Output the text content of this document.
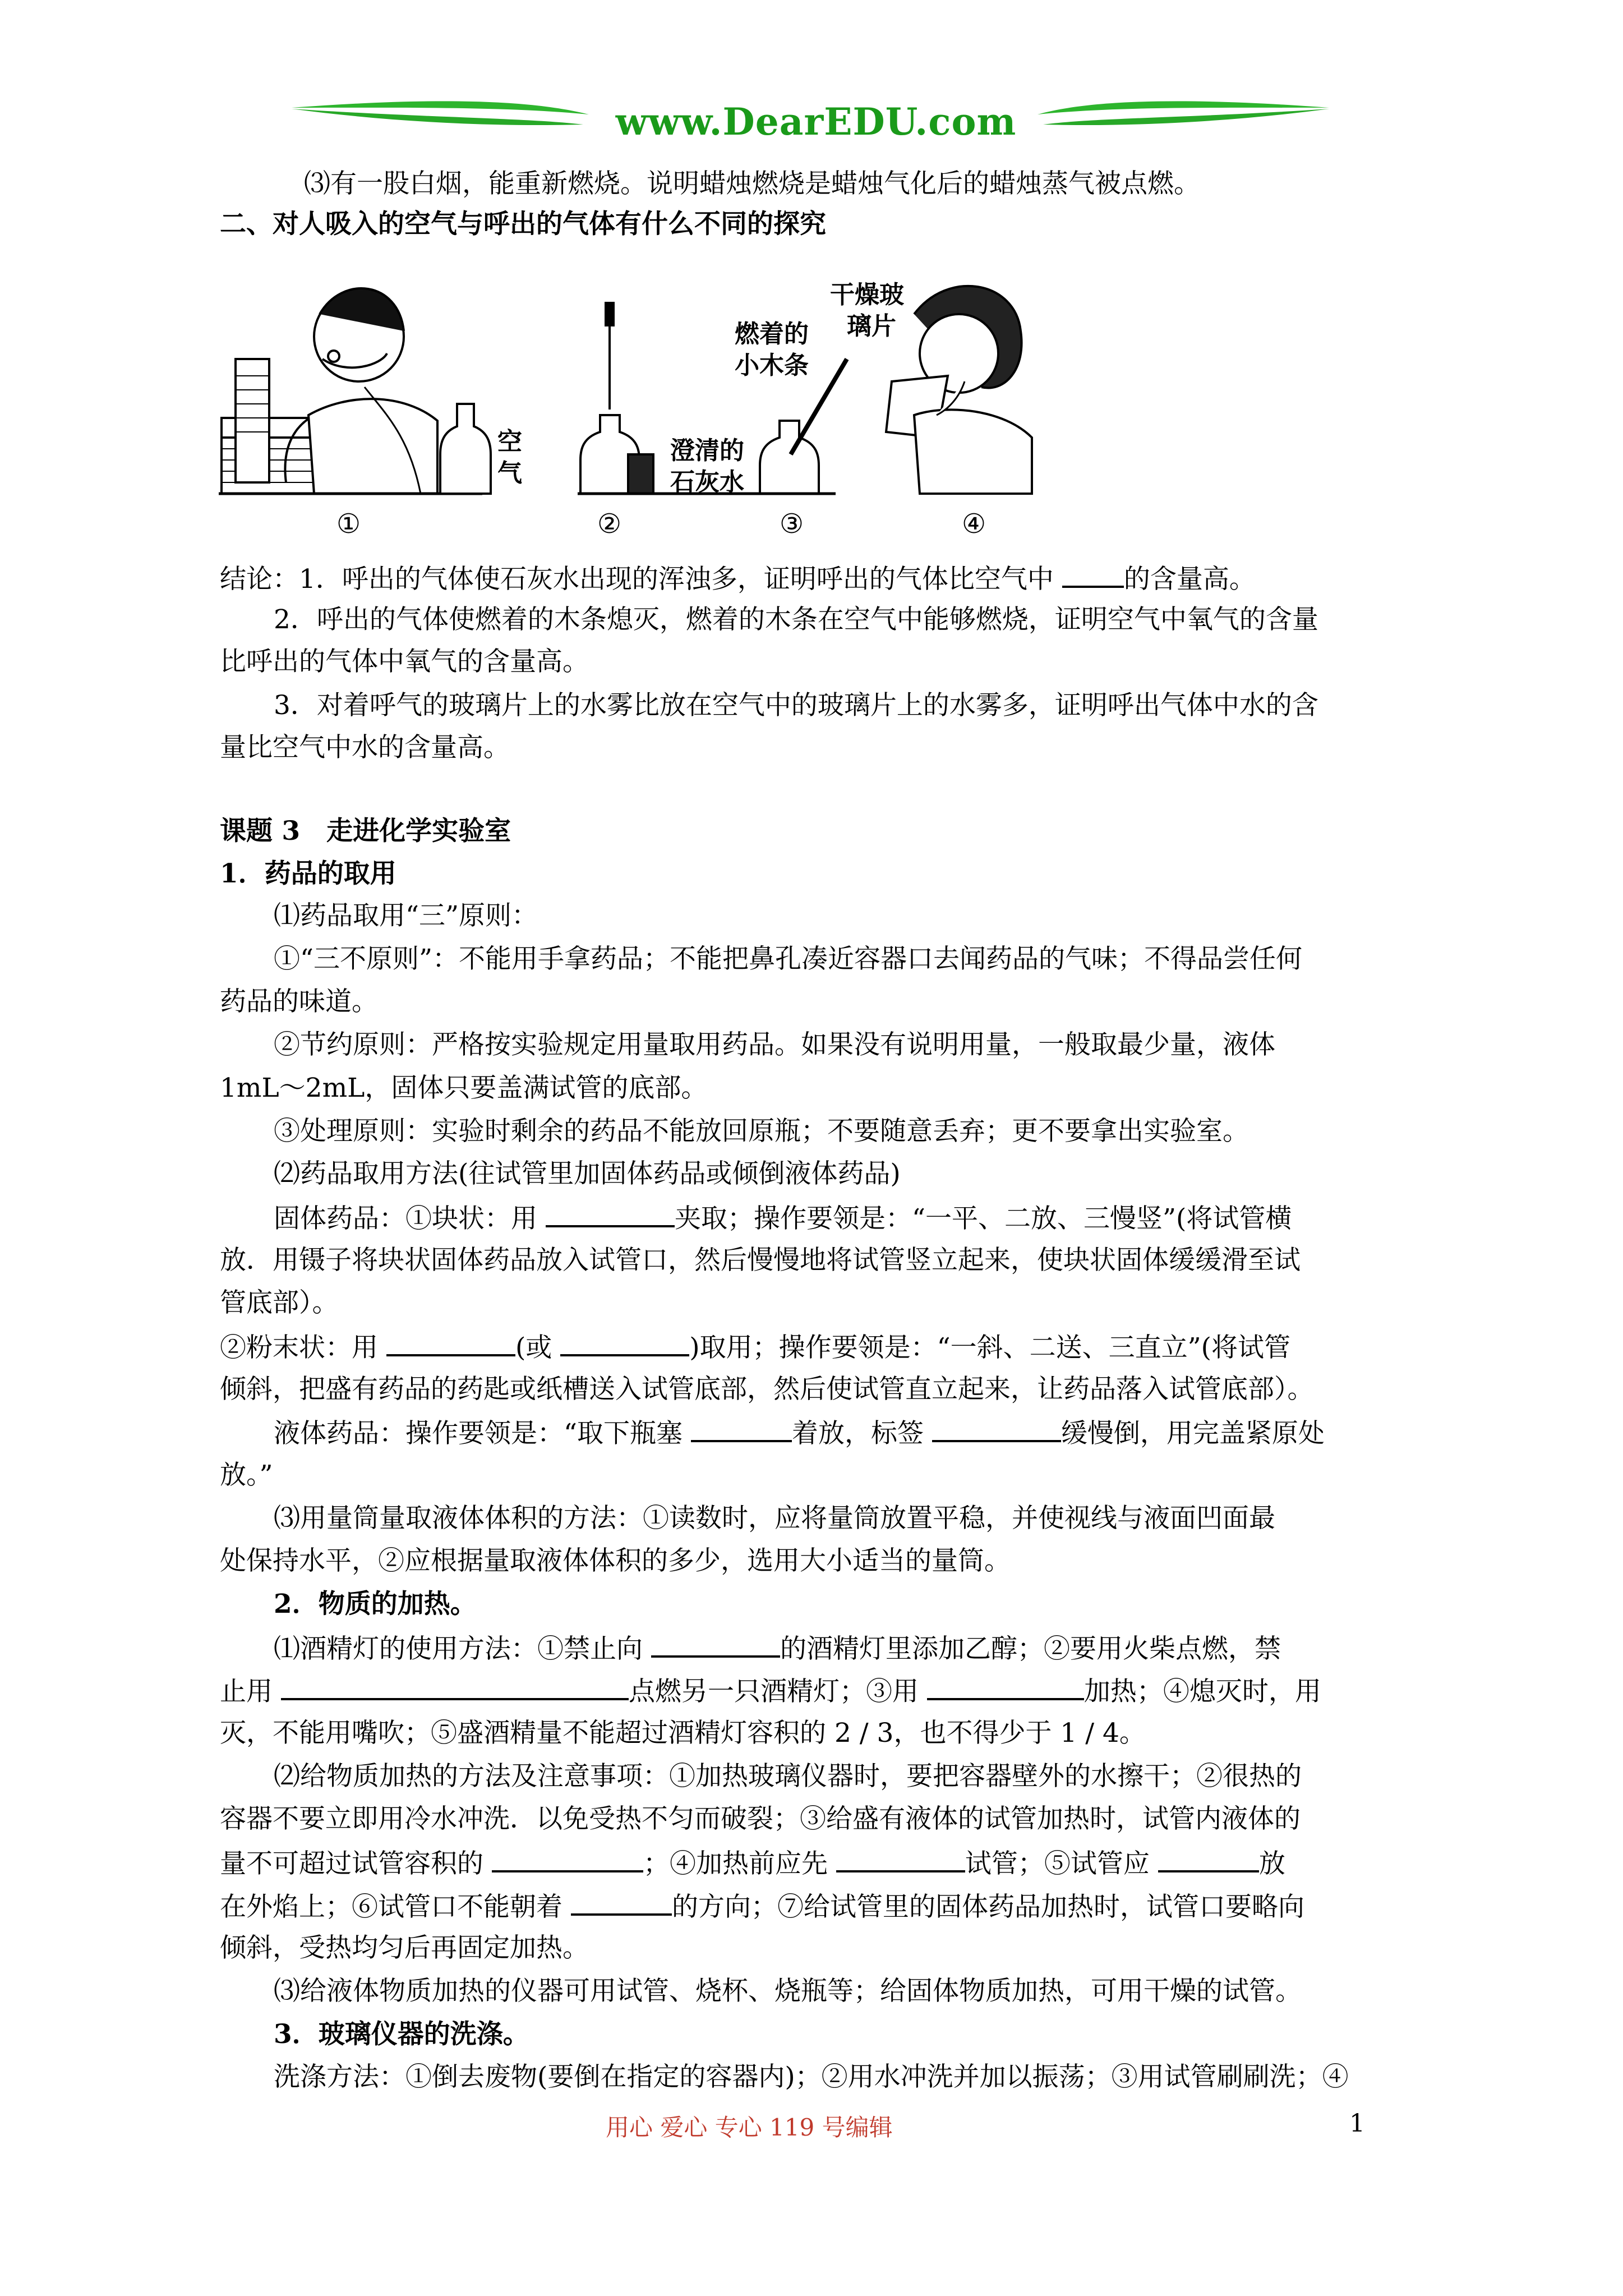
www.DearEDU.com
⑶有一股白烟，能重新燃烧。说明蜡烛燃烧是蜡烛气化后的蜡烛蒸气被点燃。
二、对人吸入的空气与呼出的气体有什么不同的探究
空
气
澄清的
石灰水
燃着的
小木条
干燥玻
璃片
①	②	③	④
结论：1．呼出的气体使石灰水出现的浑浊多，证明呼出的气体比空气中	的含量高。
2．呼出的气体使燃着的木条熄灭，燃着的木条在空气中能够燃烧，证明空气中氧气的含量
比呼出的气体中氧气的含量高。
3．对着呼气的玻璃片上的水雾比放在空气中的玻璃片上的水雾多，证明呼出气体中水的含
量比空气中水的含量高。
课题 3　走进化学实验室
1．药品的取用
⑴药品取用“三”原则：
①“三不原则”：不能用手拿药品；不能把鼻孔凑近容器口去闻药品的气味；不得品尝任何
药品的味道。
②节约原则：严格按实验规定用量取用药品。如果没有说明用量，一般取最少量，液体
1mL～2mL，固体只要盖满试管的底部。
③处理原则：实验时剩余的药品不能放回原瓶；不要随意丢弃；更不要拿出实验室。
⑵药品取用方法(往试管里加固体药品或倾倒液体药品)
固体药品：①块状：用	夹取；操作要领是：“一平、二放、三慢竖”(将试管横
放．用镊子将块状固体药品放入试管口，然后慢慢地将试管竖立起来，使块状固体缓缓滑至试
管底部）。
②粉末状：用	(或	)取用；操作要领是：“一斜、二送、三直立”(将试管
倾斜，把盛有药品的药匙或纸槽送入试管底部，然后使试管直立起来，让药品落入试管底部）。
液体药品：操作要领是：“取下瓶塞	着放，标签	缓慢倒，用完盖紧原处
放。”
⑶用量筒量取液体体积的方法：①读数时，应将量筒放置平稳，并使视线与液面凹面最
处保持水平，②应根据量取液体体积的多少，选用大小适当的量筒。
2．物质的加热。
⑴酒精灯的使用方法：①禁止向	的酒精灯里添加乙醇；②要用火柴点燃，禁
止用	点燃另一只酒精灯；③用	加热；④熄灭时，用
灭，不能用嘴吹；⑤盛酒精量不能超过酒精灯容积的 2 / 3，也不得少于 1 / 4。
⑵给物质加热的方法及注意事项：①加热玻璃仪器时，要把容器壁外的水擦干；②很热的
容器不要立即用冷水冲洗．以免受热不匀而破裂；③给盛有液体的试管加热时，试管内液体的
量不可超过试管容积的	；④加热前应先	试管；⑤试管应	放
在外焰上；⑥试管口不能朝着	的方向；⑦给试管里的固体药品加热时，试管口要略向
倾斜，受热均匀后再固定加热。
⑶给液体物质加热的仪器可用试管、烧杯、烧瓶等；给固体物质加热，可用干燥的试管。
3．玻璃仪器的洗涤。
洗涤方法：①倒去废物(要倒在指定的容器内)；②用水冲洗并加以振荡；③用试管刷刷洗；④
用心 爱心 专心 119 号编辑	1
